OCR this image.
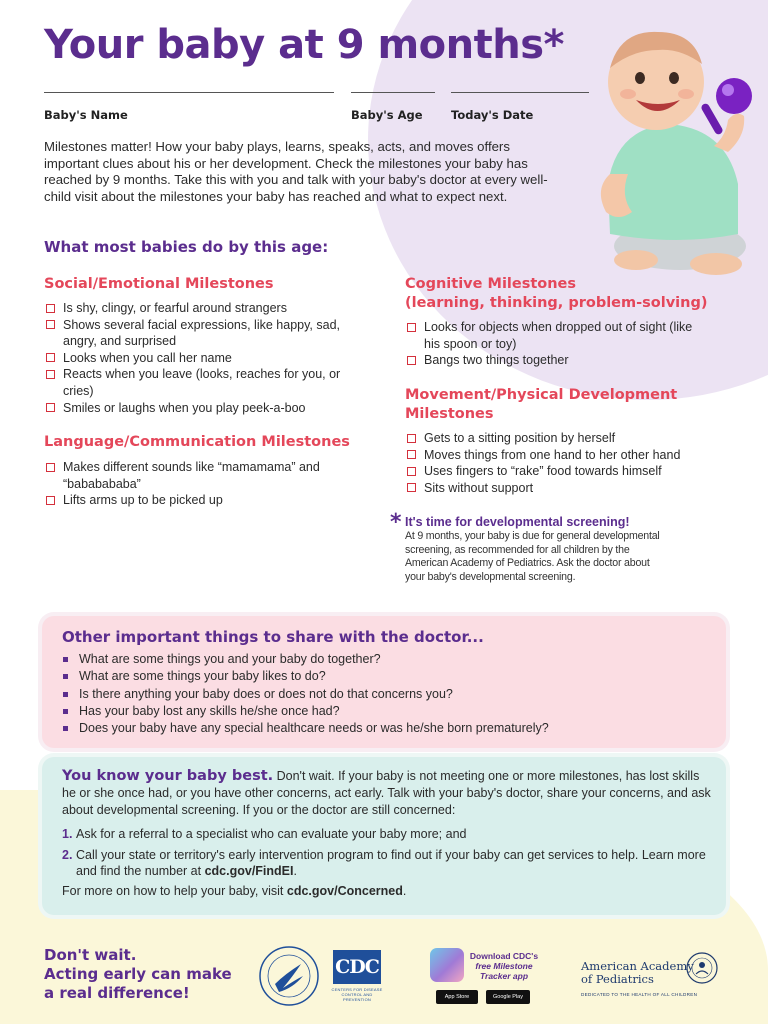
Your baby at 9 months*
Baby's Name	Baby's Age Today's Date

Milestones matter! How your baby plays, learns, speaks, acts, and moves offers important clues about his or her development. Check the milestones your baby has reached by 9 months. Take this with you and talk with your baby's doctor at every well-child visit about the milestones your baby has reached and what to expect next.

What most babies do by this age:
Social/Emotional Milestones
Is shy, clingy, or fearful around strangers
Shows several facial expressions, like happy, sad, angry, and surprised
Looks when you call her name
Reacts when you leave (looks, reaches for you, or cries)
Smiles or laughs when you play peek-a-boo
Language/Communication Milestones
Makes different sounds like “mamamama” and “bababababa”
Lifts arms up to be picked up
Cognitive Milestones
(learning, thinking, problem-solving)
Looks for objects when dropped out of sight (like his spoon or toy)
Bangs two things together
Movement/Physical Development
Milestones
Gets to a sitting position by herself
Moves things from one hand to her other hand
Uses fingers to “rake” food towards himself
Sits without support
* It's time for developmental screening!

At 9 months, your baby is due for general developmental screening, as recommended for all children by the American Academy of Pediatrics. Ask the doctor about your baby's developmental screening.

Other important things to share with the doctor...
What are some things you and your baby do together?
What are some things your baby likes to do?
Is there anything your baby does or does not do that concerns you?
Has your baby lost any skills he/she once had?
Does your baby have any special healthcare needs or was he/she born prematurely?

You know your baby best. Don't wait. If your baby is not meeting one or more milestones, has lost skills he or she once had, or you have other concerns, act early. Talk with your baby's doctor, share your concerns, and ask about developmental screening. If you or the doctor are still concerned:

1. Ask for a referral to a specialist who can evaluate your baby more; and
2. Call your state or territory's early intervention program to find out if your baby can get services to help. Learn more and find the number at cdc.gov/FindEI.

For more on how to help your baby, visit cdc.gov/Concerned.

Don't wait.
Acting early can make
a real difference!
CDC
CENTERS FOR DISEASE CONTROL AND PREVENTION
Download CDC's
free Milestone
Tracker app
App Store	Google Play
American Academy
of Pediatrics
DEDICATED TO THE HEALTH OF ALL CHILDREN
